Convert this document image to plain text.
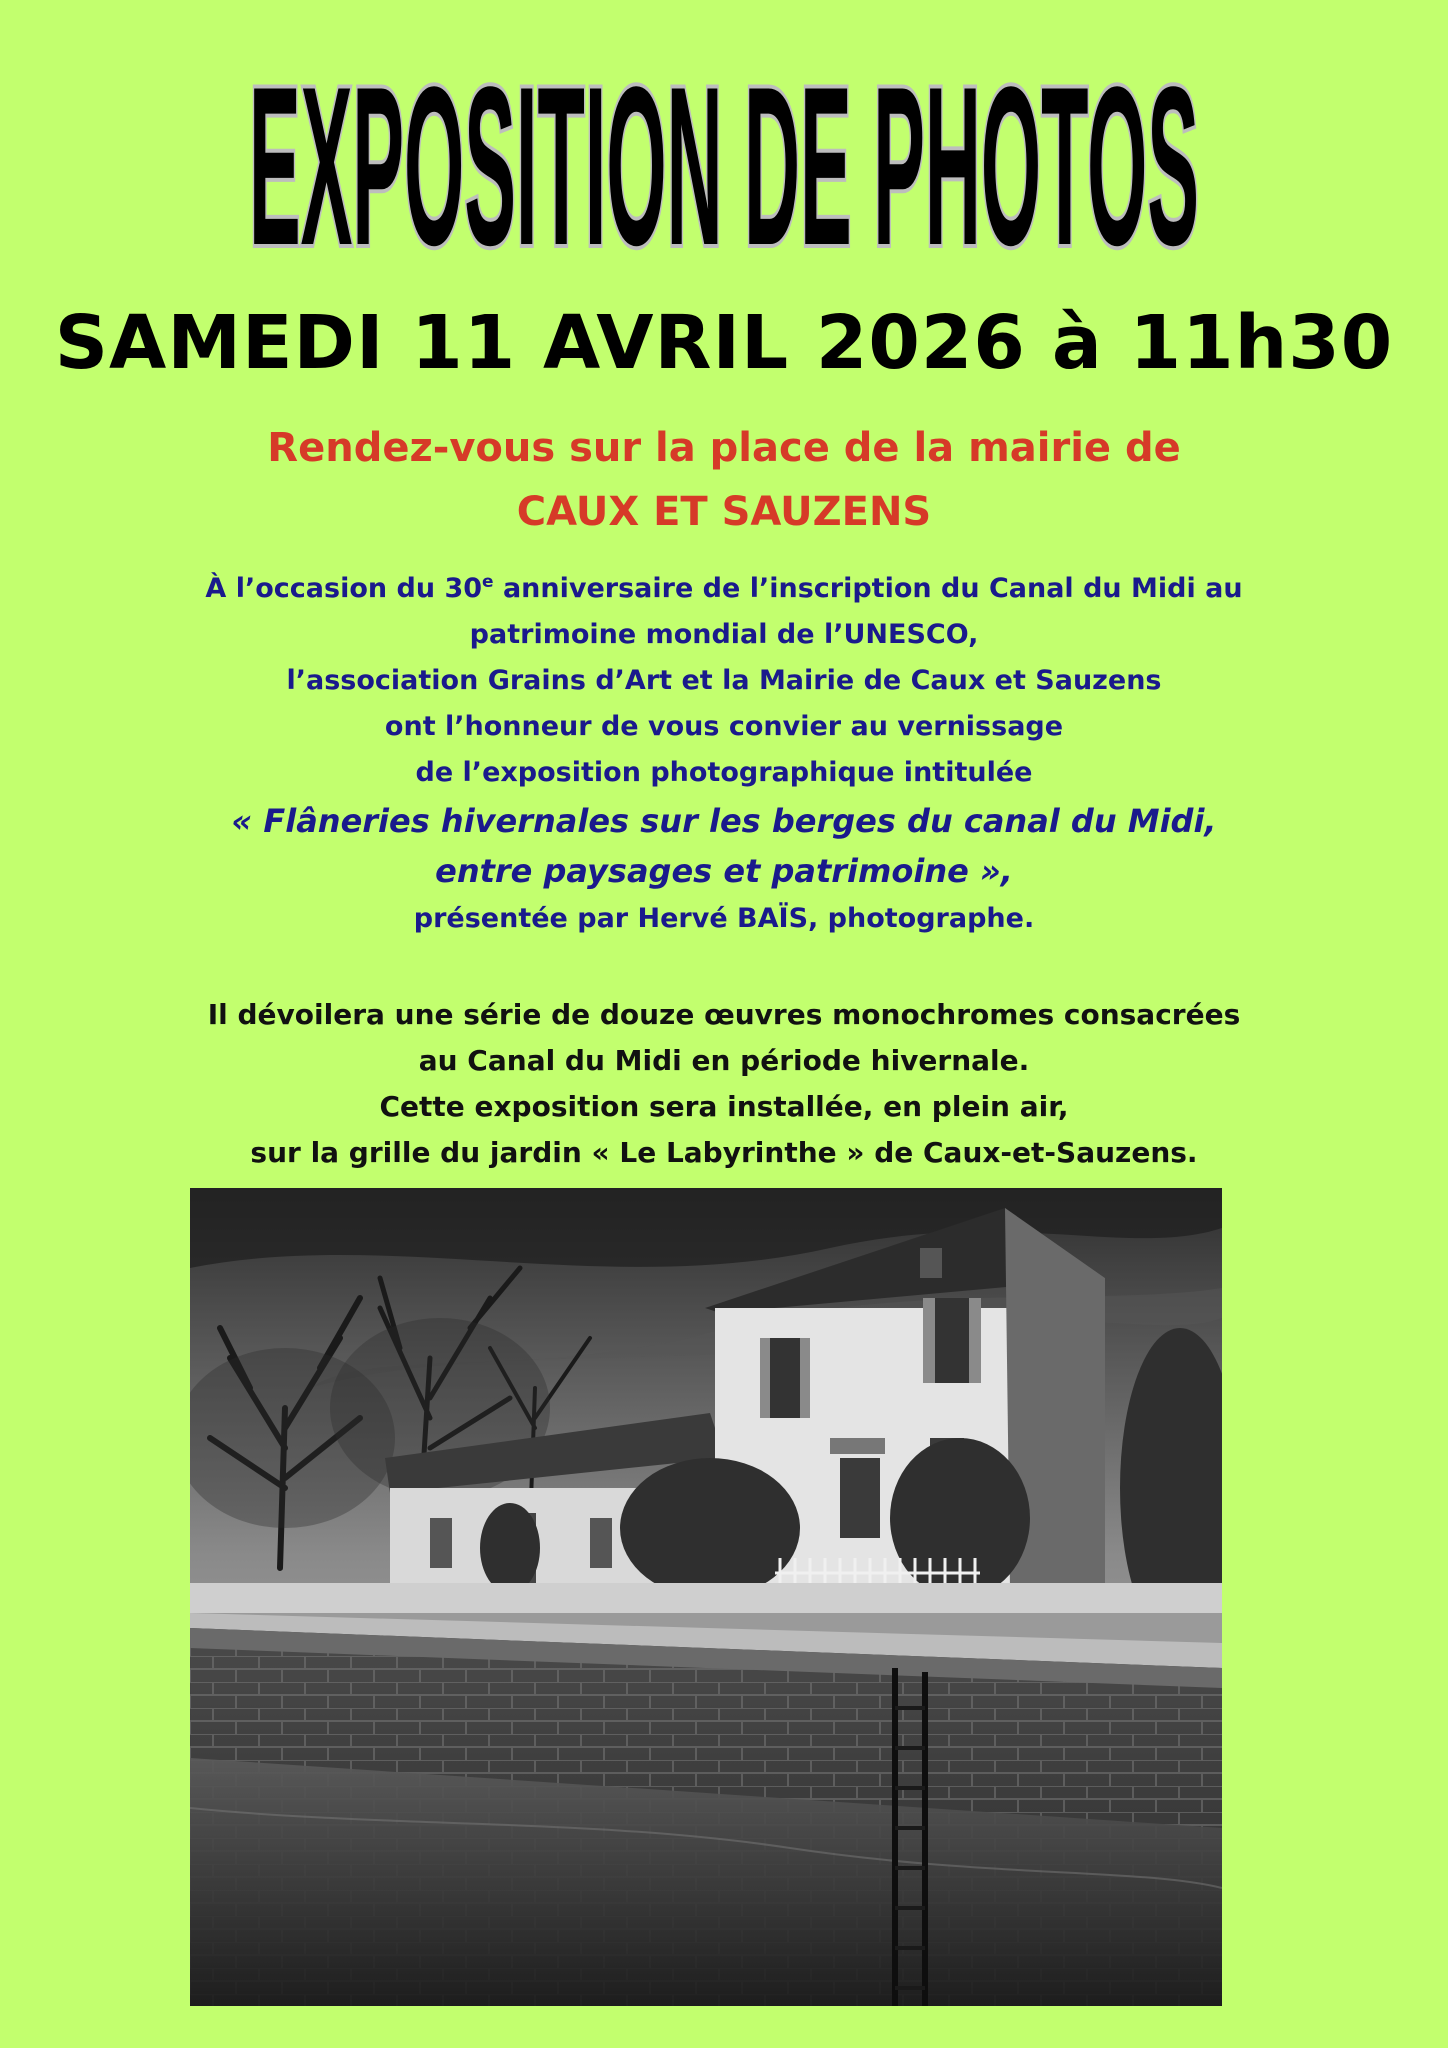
EXPOSITION DE PHOTOS
SAMEDI 11 AVRIL 2026 à 11h30
Rendez-vous sur la place de la mairie de
CAUX ET SAUZENS
À l’occasion du 30e anniversaire de l’inscription du Canal du Midi au
patrimoine mondial de l’UNESCO,
l’association Grains d’Art et la Mairie de Caux et Sauzens
ont l’honneur de vous convier au vernissage
de l’exposition photographique intitulée
« Flâneries hivernales sur les berges du canal du Midi,
entre paysages et patrimoine »,
présentée par Hervé BAÏS, photographe.
Il dévoilera une série de douze œuvres monochromes consacrées
au Canal du Midi en période hivernale.
Cette exposition sera installée, en plein air,
sur la grille du jardin « Le Labyrinthe » de Caux-et-Sauzens.
